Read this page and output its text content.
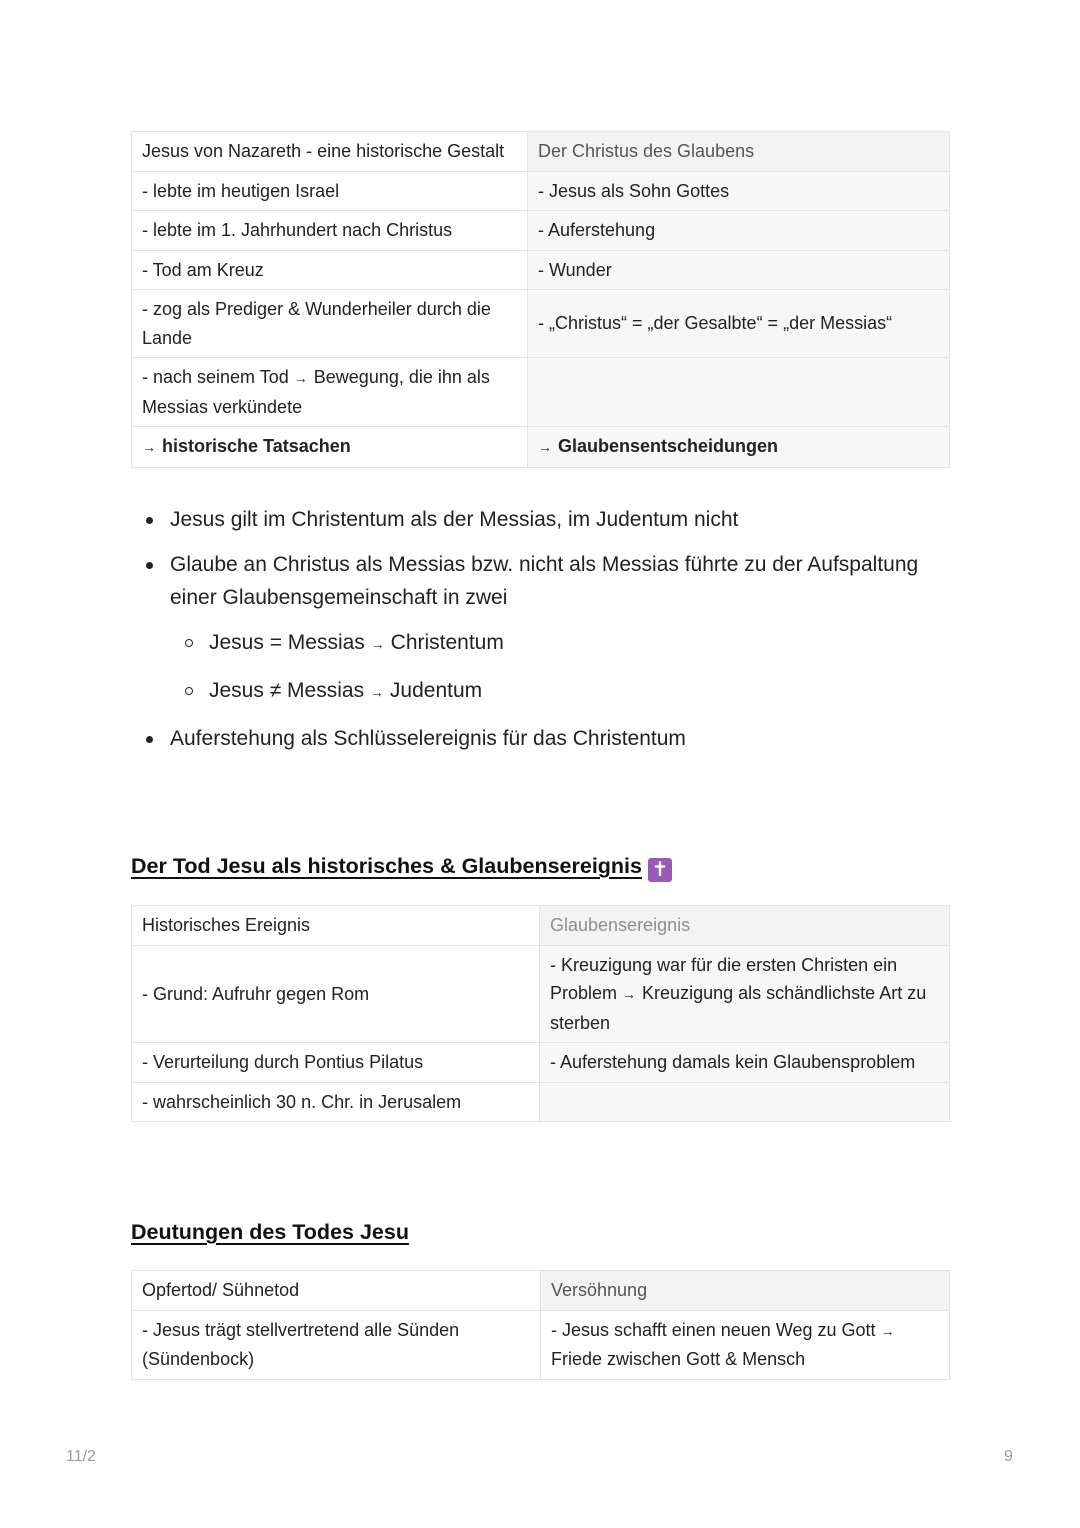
Jesus von Nazareth - eine historische Gestalt	Der Christus des Glaubens
- lebte im heutigen Israel	- Jesus als Sohn Gottes
- lebte im 1. Jahrhundert nach Christus	- Auferstehung
- Tod am Kreuz	- Wunder
- zog als Prediger & Wunderheiler durch die Lande	- „Christus“ = „der Gesalbte“ = „der Messias“
- nach seinem Tod → Bewegung, die ihn als Messias verkündete	
→ historische Tatsachen	→ Glaubensentscheidungen
Jesus gilt im Christentum als der Messias, im Judentum nicht
Glaube an Christus als Messias bzw. nicht als Messias führte zu der Aufspaltung einer Glaubensgemeinschaft in zwei
Jesus = Messias → Christentum
Jesus ≠ Messias → Judentum
Auferstehung als Schlüsselereignis für das Christentum
Der Tod Jesu als historisches & Glaubensereignis ✝
Historisches Ereignis	Glaubensereignis
- Grund: Aufruhr gegen Rom	- Kreuzigung war für die ersten Christen ein Problem → Kreuzigung als schändlichste Art zu sterben
- Verurteilung durch Pontius Pilatus	- Auferstehung damals kein Glaubensproblem
- wahrscheinlich 30 n. Chr. in Jerusalem	
Deutungen des Todes Jesu
Opfertod/ Sühnetod	Versöhnung
- Jesus trägt stellvertretend alle Sünden (Sündenbock)	- Jesus schafft einen neuen Weg zu Gott →Friede zwischen Gott & Mensch
11/2	9
